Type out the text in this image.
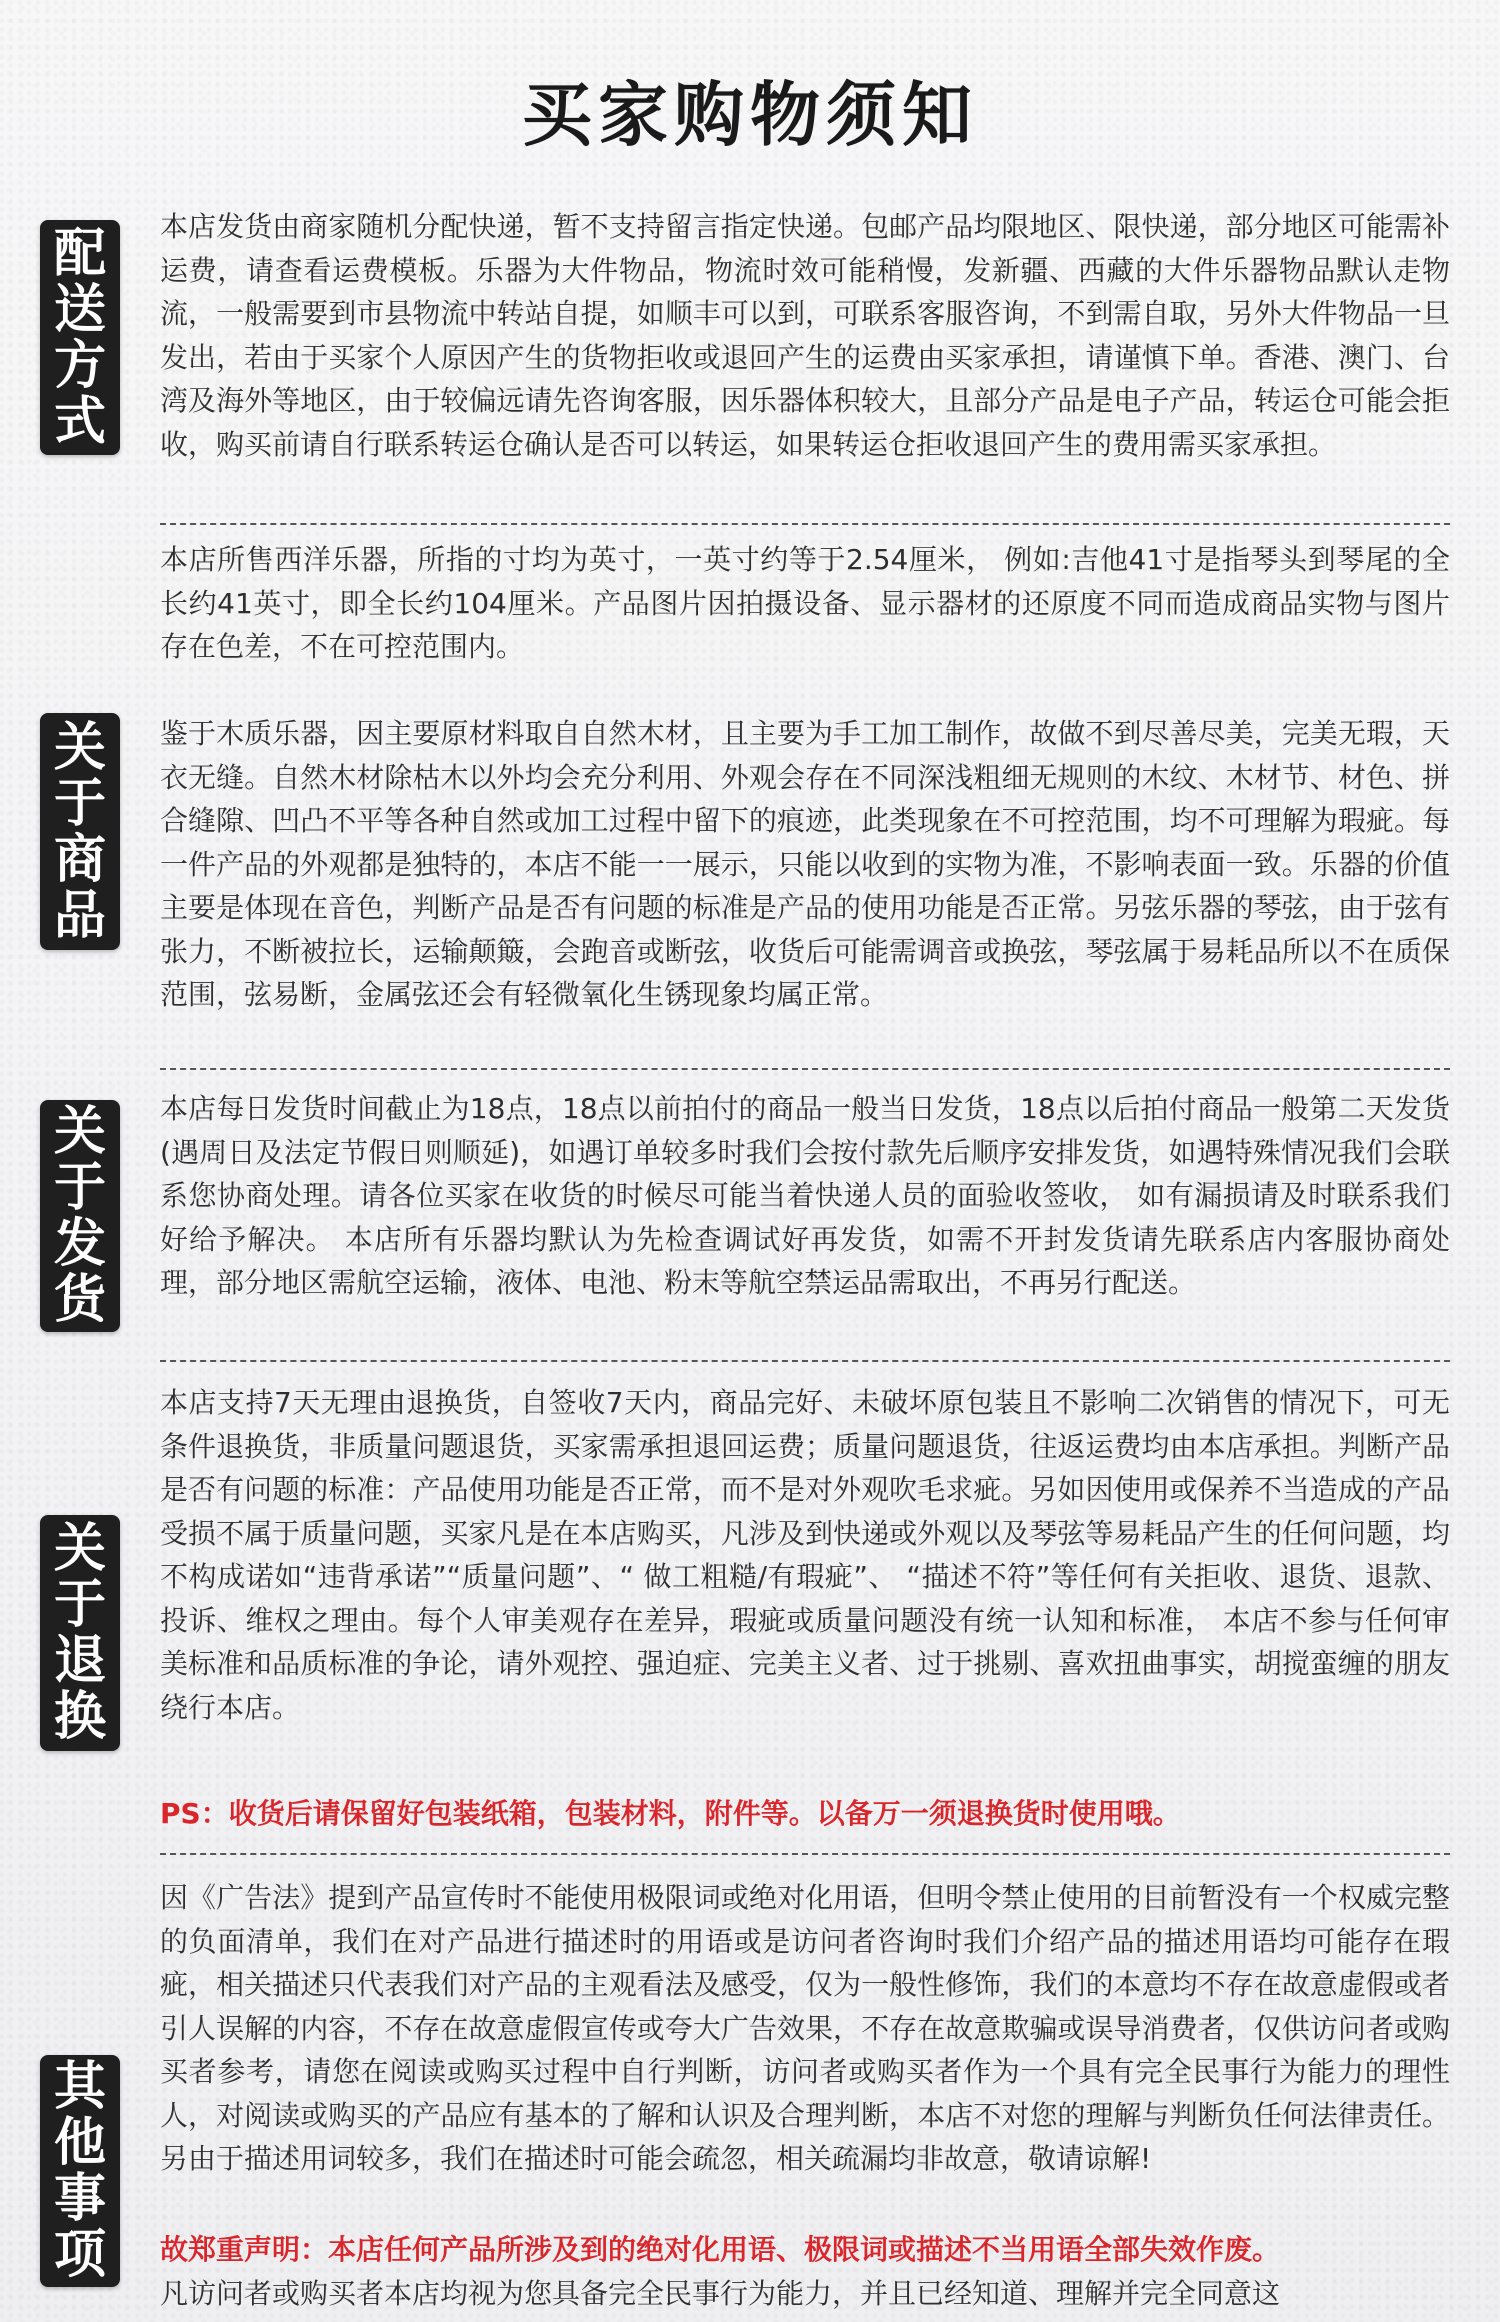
买家购物须知
配
送
方
式

本店发货由商家随机分配快递，暂不支持留言指定快递。包邮产品均限地区、限快递，部分地区可能需补运费，请查看运费模板。乐器为大件物品，物流时效可能稍慢，发新疆、西藏的大件乐器物品默认走物流，一般需要到市县物流中转站自提，如顺丰可以到，可联系客服咨询，不到需自取，另外大件物品一旦发出，若由于买家个人原因产生的货物拒收或退回产生的运费由买家承担，请谨慎下单。香港、澳门、台湾及海外等地区，由于较偏远请先咨询客服，因乐器体积较大，且部分产品是电子产品，转运仓可能会拒收，购买前请自行联系转运仓确认是否可以转运，如果转运仓拒收退回产生的费用需买家承担。

本店所售西洋乐器，所指的寸均为英寸，一英寸约等于2.54厘米， 例如:吉他41寸是指琴头到琴尾的全长约41英寸，即全长约104厘米。产品图片因拍摄设备、显示器材的还原度不同而造成商品实物与图片存在色差，不在可控范围内。

关
于
商
品

鉴于木质乐器，因主要原材料取自自然木材，且主要为手工加工制作，故做不到尽善尽美，完美无瑕，天衣无缝。自然木材除枯木以外均会充分利用、外观会存在不同深浅粗细无规则的木纹、木材节、材色、拼合缝隙、凹凸不平等各种自然或加工过程中留下的痕迹，此类现象在不可控范围，均不可理解为瑕疵。每一件产品的外观都是独特的，本店不能一一展示，只能以收到的实物为准，不影响表面一致。乐器的价值主要是体现在音色，判断产品是否有问题的标准是产品的使用功能是否正常。另弦乐器的琴弦，由于弦有张力，不断被拉长，运输颠簸，会跑音或断弦，收货后可能需调音或换弦，琴弦属于易耗品所以不在质保范围，弦易断，金属弦还会有轻微氧化生锈现象均属正常。

关
于
发
货

本店每日发货时间截止为18点，18点以前拍付的商品一般当日发货，18点以后拍付商品一般第二天发货(遇周日及法定节假日则顺延)，如遇订单较多时我们会按付款先后顺序安排发货，如遇特殊情况我们会联系您协商处理。请各位买家在收货的时候尽可能当着快递人员的面验收签收， 如有漏损请及时联系我们好给予解决。 本店所有乐器均默认为先检查调试好再发货，如需不开封发货请先联系店内客服协商处理，部分地区需航空运输，液体、电池、粉末等航空禁运品需取出，不再另行配送。

关
于
退
换

本店支持7天无理由退换货，自签收7天内，商品完好、未破坏原包装且不影响二次销售的情况下，可无条件退换货，非质量问题退货，买家需承担退回运费；质量问题退货，往返运费均由本店承担。判断产品是否有问题的标准：产品使用功能是否正常，而不是对外观吹毛求疵。另如因使用或保养不当造成的产品受损不属于质量问题，买家凡是在本店购买，凡涉及到快递或外观以及琴弦等易耗品产生的任何问题，均不构成诺如“违背承诺”“质量问题”、“ 做工粗糙/有瑕疵”、 “描述不符”等任何有关拒收、退货、退款、投诉、维权之理由。每个人审美观存在差异，瑕疵或质量问题没有统一认知和标准， 本店不参与任何审美标准和品质标准的争论，请外观控、强迫症、完美主义者、过于挑剔、喜欢扭曲事实，胡搅蛮缠的朋友绕行本店。

PS：收货后请保留好包装纸箱，包装材料，附件等。以备万一须退换货时使用哦。

其
他
事
项

因《广告法》提到产品宣传时不能使用极限词或绝对化用语，但明令禁止使用的目前暂没有一个权威完整的负面清单，我们在对产品进行描述时的用语或是访问者咨询时我们介绍产品的描述用语均可能存在瑕疵，相关描述只代表我们对产品的主观看法及感受，仅为一般性修饰，我们的本意均不存在故意虚假或者引人误解的内容，不存在故意虚假宣传或夸大广告效果，不存在故意欺骗或误导消费者，仅供访问者或购买者参考，请您在阅读或购买过程中自行判断，访问者或购买者作为一个具有完全民事行为能力的理性人，对阅读或购买的产品应有基本的了解和认识及合理判断，本店不对您的理解与判断负任何法律责任。另由于描述用词较多，我们在描述时可能会疏忽，相关疏漏均非故意，敬请谅解!

故郑重声明：本店任何产品所涉及到的绝对化用语、极限词或描述不当用语全部失效作废。

凡访问者或购买者本店均视为您具备完全民事行为能力，并且已经知道、理解并完全同意这
